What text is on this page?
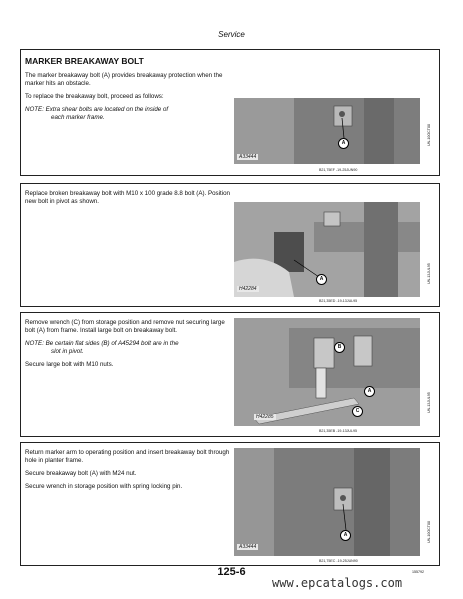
Service

MARKER BREAKAWAY BOLT

The marker breakaway bolt (A) provides breakaway protection when the marker hits an obstacle.

To replace the breakaway bolt, proceed as follows:

NOTE: Extra shear bolts are located on the inside of
each marker frame.

A
A33444
UN-10OCT88
B21,75EF -19-25JUN90

Replace broken breakaway bolt with M10 x 100 grade 8.8 bolt (A). Position new bolt in pivot as shown.

A
H42284
UN-13JUL95
B21,35ED -19-13JUL95

Remove wrench (C) from storage position and remove nut securing large bolt (A) from frame. Install large bolt on breakaway bolt.

NOTE: Be certain flat sides (B) of A45294 bolt are in the
slot in pivot.

Secure large bolt with M10 nuts.

B
A
C
H42285
UN-13JUL95
B21,35EB -19-13JUL95

Return marker arm to operating position and insert breakaway bolt through hole in planter frame.

Secure breakaway bolt (A) with M24 nut.

Secure wrench in storage position with spring locking pin.

A
A33444
UN-10OCT88
B21,75EC -19-25JUN90
125-6	155792
www.epcatalogs.com
